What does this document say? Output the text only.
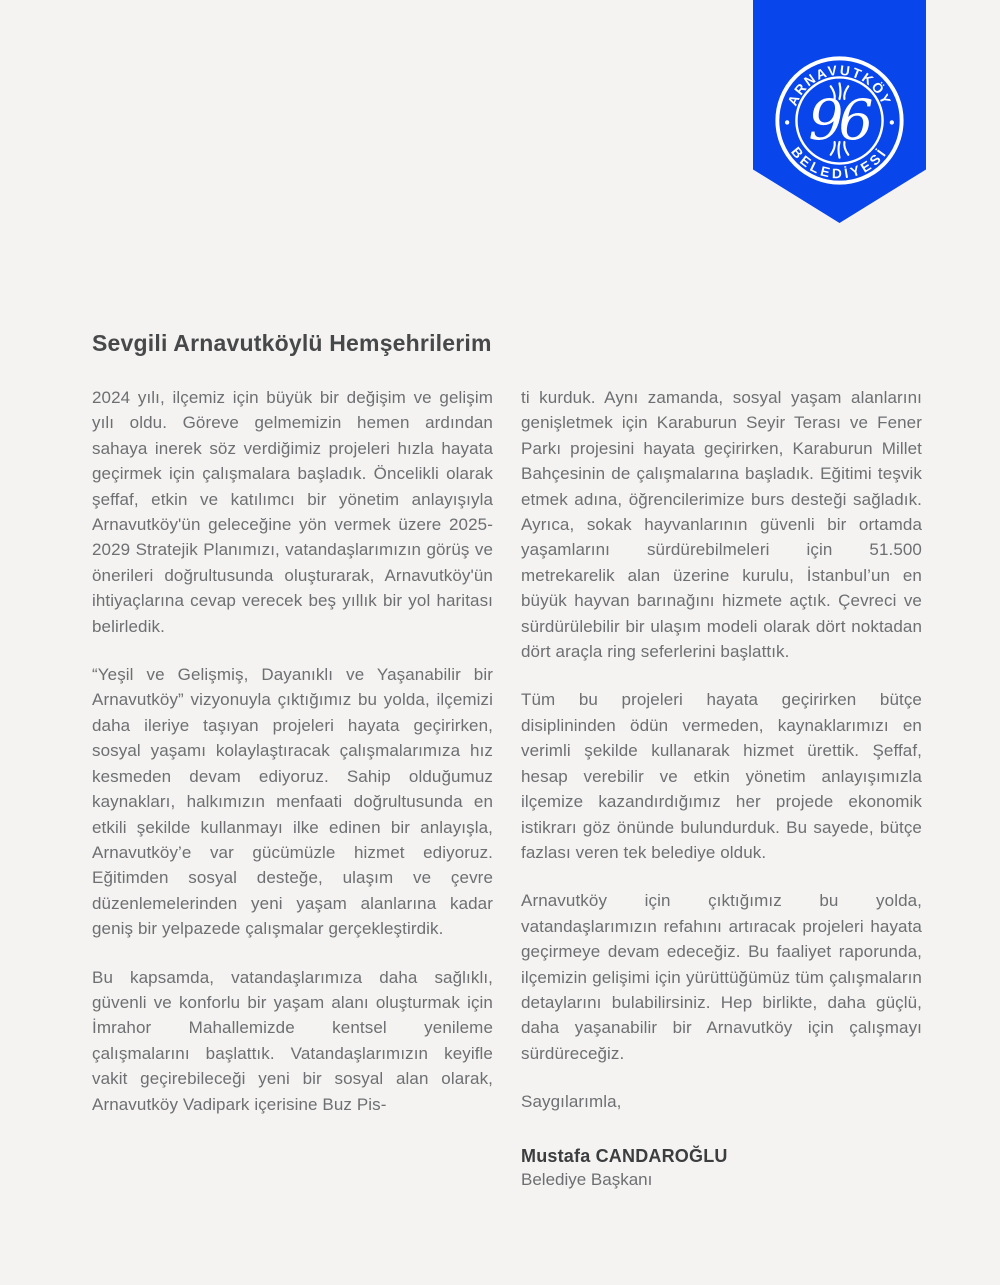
ARNAVUTKÖY
BELEDİYESİ
96
Sevgili Arnavutköylü Hemşehrilerim

2024 yılı, ilçemiz için büyük bir değişim ve gelişim yılı oldu. Göreve gelmemizin hemen ardından sahaya inerek söz verdiğimiz projeleri hızla hayata geçirmek için çalışmalara başladık. Öncelikli olarak şeffaf, etkin ve katılımcı bir yönetim anlayışıyla Arnavutköy'ün geleceğine yön vermek üzere 2025-2029 Stratejik Planımızı, vatandaşlarımızın görüş ve önerileri doğrultusunda oluşturarak, Arnavutköy'ün ihtiyaçlarına cevap verecek beş yıllık bir yol haritası belirledik.

“Yeşil ve Gelişmiş, Dayanıklı ve Yaşanabilir bir Arnavutköy” vizyonuyla çıktığımız bu yolda, ilçemizi daha ileriye taşıyan projeleri hayata geçirirken, sosyal yaşamı kolaylaştıracak çalışmalarımıza hız kesmeden devam ediyoruz. Sahip olduğumuz kaynakları, halkımızın menfaati doğrultusunda en etkili şekilde kullanmayı ilke edinen bir anlayışla, Arnavutköy’e var gücümüzle hizmet ediyoruz. Eğitimden sosyal desteğe, ulaşım ve çevre düzenlemelerinden yeni yaşam alanlarına kadar geniş bir yelpazede çalışmalar gerçekleştirdik.

Bu kapsamda, vatandaşlarımıza daha sağlıklı, güvenli ve konforlu bir yaşam alanı oluşturmak için İmrahor Mahallemizde kentsel yenileme çalışmalarını başlattık. Vatandaşlarımızın keyifle vakit geçirebileceği yeni bir sosyal alan olarak, Arnavutköy Vadipark içerisine Buz Pis-

ti kurduk. Aynı zamanda, sosyal yaşam alanlarını genişletmek için Karaburun Seyir Terası ve Fener Parkı projesini hayata geçirirken, Karaburun Millet Bahçesinin de çalışmalarına başladık. Eğitimi teşvik etmek adına, öğrencilerimize burs desteği sağladık. Ayrıca, sokak hayvanlarının güvenli bir ortamda yaşamlarını sürdürebilmeleri için 51.500 metrekarelik alan üzerine kurulu, İstanbul’un en büyük hayvan barınağını hizmete açtık. Çevreci ve sürdürülebilir bir ulaşım modeli olarak dört noktadan dört araçla ring seferlerini başlattık.

Tüm bu projeleri hayata geçirirken bütçe disiplininden ödün vermeden, kaynaklarımızı en verimli şekilde kullanarak hizmet ürettik. Şeffaf, hesap verebilir ve etkin yönetim anlayışımızla ilçemize kazandırdığımız her projede ekonomik istikrarı göz önünde bulundurduk. Bu sayede, bütçe fazlası veren tek belediye olduk.

Arnavutköy için çıktığımız bu yolda, vatandaşlarımızın refahını artıracak projeleri hayata geçirmeye devam edeceğiz. Bu faaliyet raporunda, ilçemizin gelişimi için yürüttüğümüz tüm çalışmaların detaylarını bulabilirsiniz. Hep birlikte, daha güçlü, daha yaşanabilir bir Arnavutköy için çalışmayı sürdüreceğiz.

Saygılarımla,

Mustafa CANDAROĞLU
Belediye Başkanı
